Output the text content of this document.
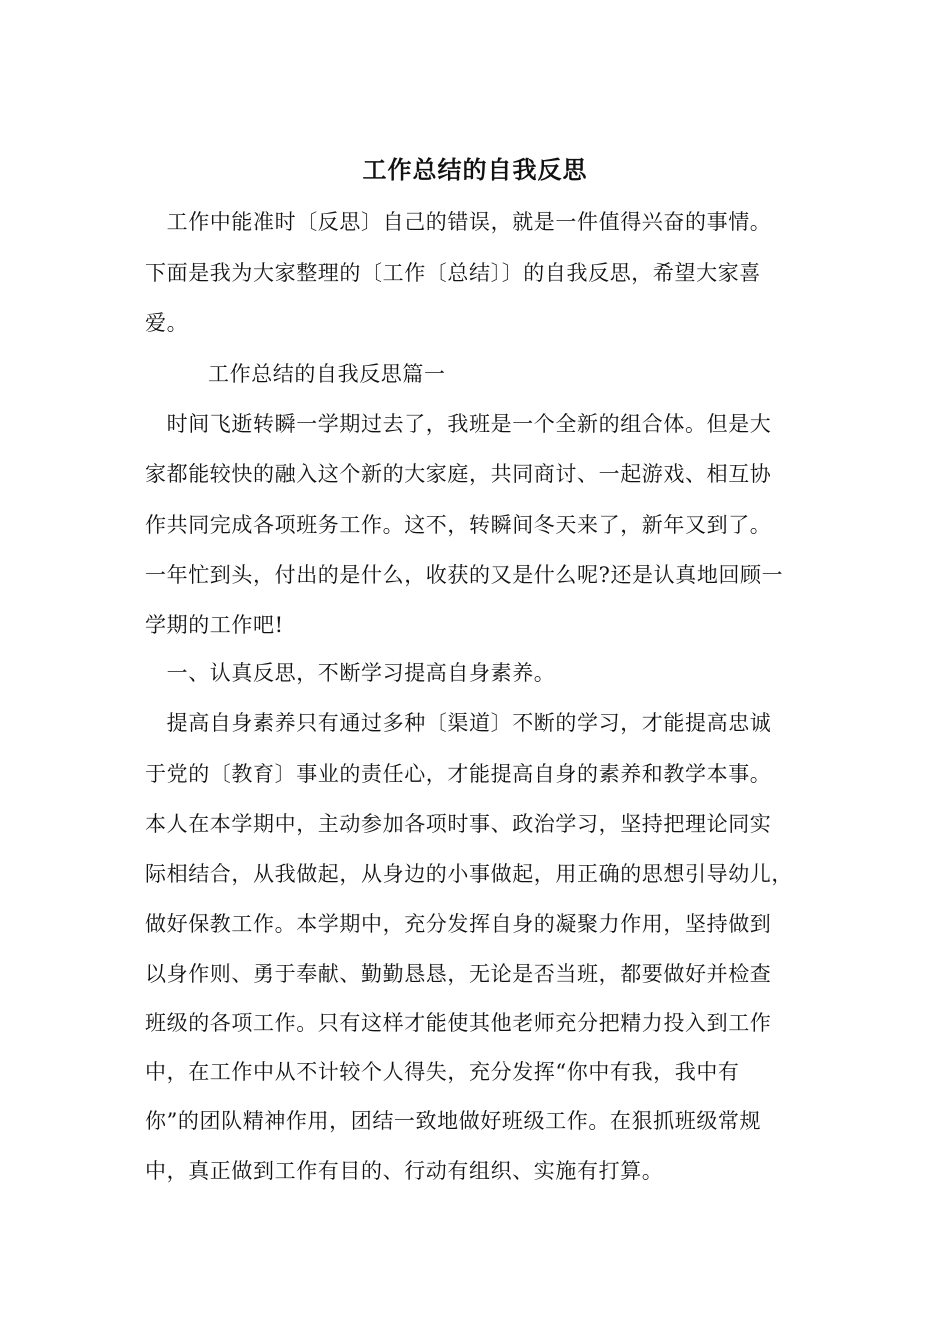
工作总结的自我反思
　工作中能准时〔反思〕自己的错误，就是一件值得兴奋的事情。
下面是我为大家整理的〔工作〔总结〕〕的自我反思，希望大家喜
爱。
工作总结的自我反思篇一
　时间飞逝转瞬一学期过去了，我班是一个全新的组合体。但是大
家都能较快的融入这个新的大家庭，共同商讨、一起游戏、相互协
作共同完成各项班务工作。这不，转瞬间冬天来了，新年又到了。
一年忙到头，付出的是什么，收获的又是什么呢?还是认真地回顾一
学期的工作吧!
　一、认真反思，不断学习提高自身素养。
　提高自身素养只有通过多种〔渠道〕不断的学习，才能提高忠诚
于党的〔教育〕事业的责任心，才能提高自身的素养和教学本事。
本人在本学期中，主动参加各项时事、政治学习，坚持把理论同实
际相结合，从我做起，从身边的小事做起，用正确的思想引导幼儿，
做好保教工作。本学期中，充分发挥自身的凝聚力作用，坚持做到
以身作则、勇于奉献、勤勤恳恳，无论是否当班，都要做好并检查
班级的各项工作。只有这样才能使其他老师充分把精力投入到工作
中，在工作中从不计较个人得失，充分发挥“你中有我，我中有
你”的团队精神作用，团结一致地做好班级工作。在狠抓班级常规
中，真正做到工作有目的、行动有组织、实施有打算。
